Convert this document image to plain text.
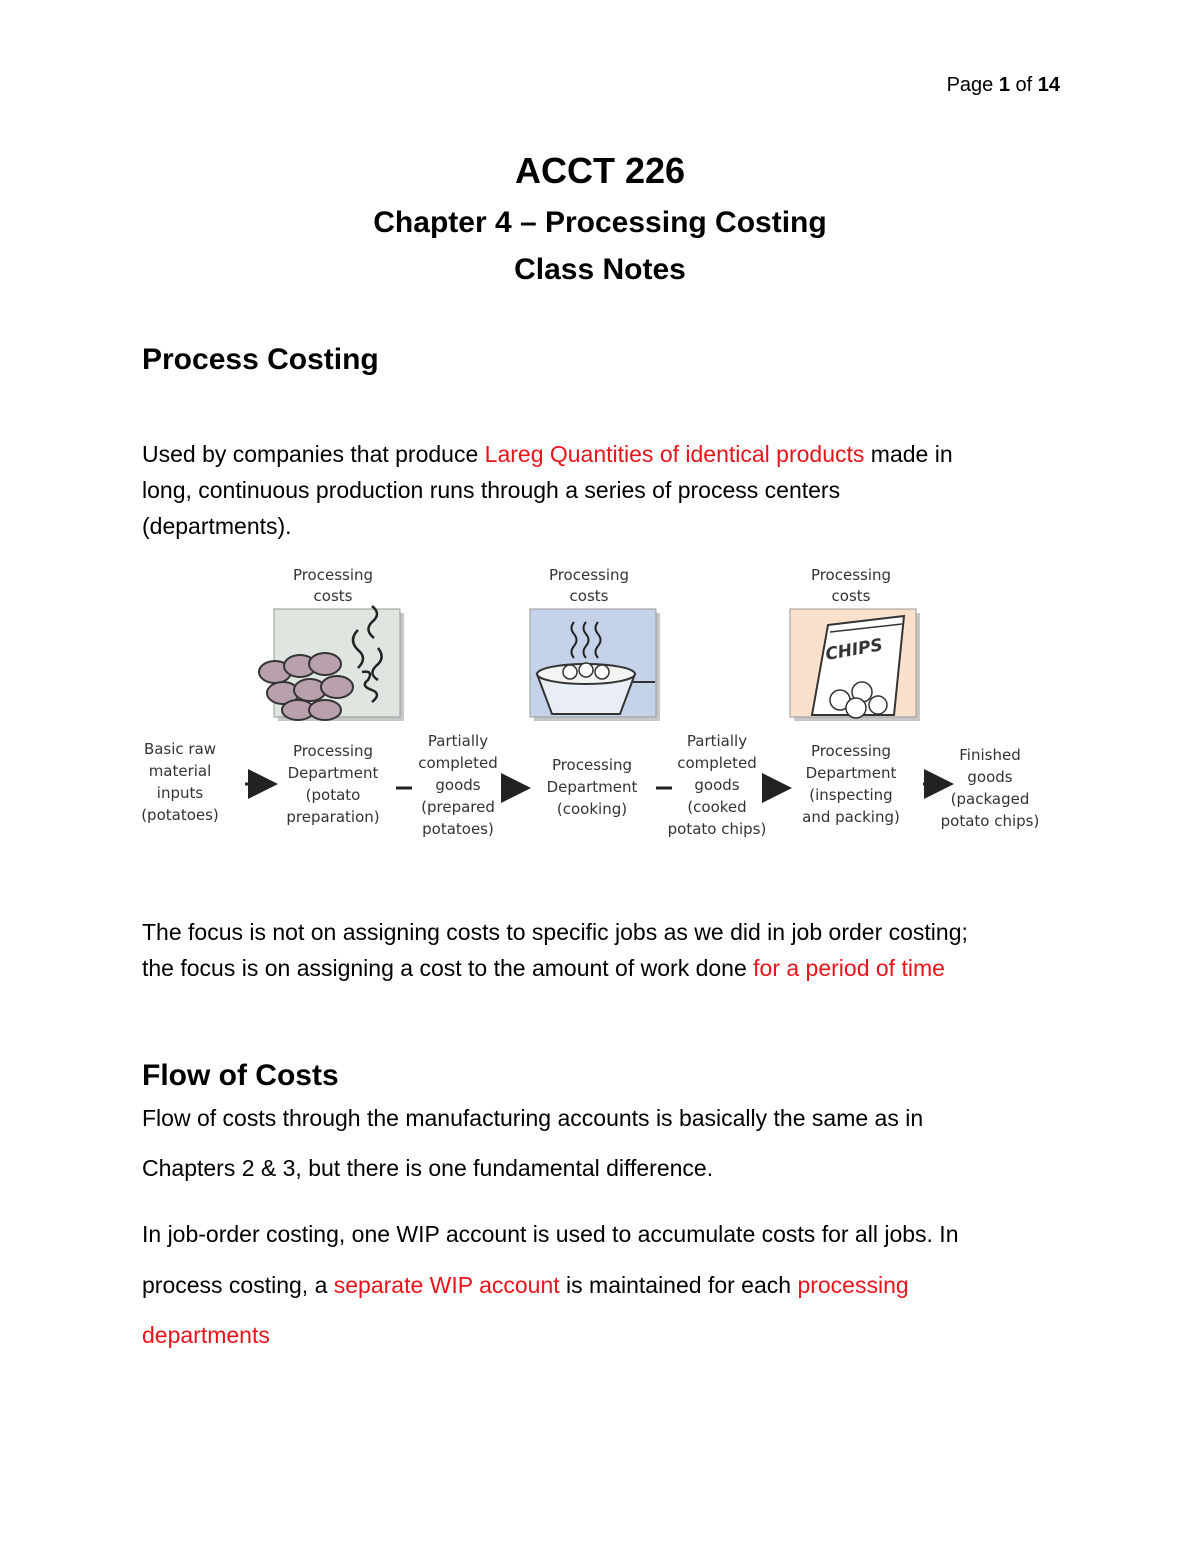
Page 1 of 14
ACCT 226
Chapter 4 – Processing Costing
Class Notes
Process Costing
Used by companies that produce Lareg Quantities of identical products made in
long, continuous production runs through a series of process centers
(departments).
Processing
costs
Processing
costs
Processing
costs
CHIPS
Basic raw
material
inputs
(potatoes)
Processing
Department
(potato
preparation)
Partially
completed
goods
(prepared
potatoes)
Processing
Department
(cooking)
Partially
completed
goods
(cooked
potato chips)
Processing
Department
(inspecting
and packing)
Finished
goods
(packaged
potato chips)
The focus is not on assigning costs to specific jobs as we did in job order costing;
the focus is on assigning a cost to the amount of work done for a period of time
Flow of Costs
Flow of costs through the manufacturing accounts is basically the same as in
Chapters 2 & 3, but there is one fundamental difference.
In job-order costing, one WIP account is used to accumulate costs for all jobs. In
process costing, a separate WIP account is maintained for each processing
departments
